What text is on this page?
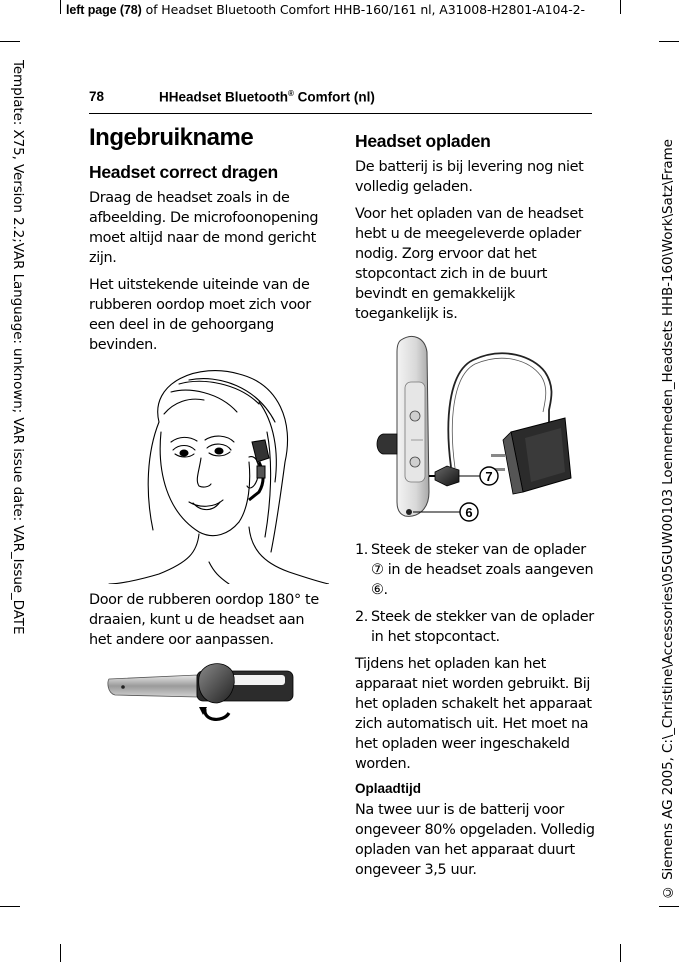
left page (78) of Headset Bluetooth Comfort HHB-160/161 nl, A31008-H2801-A104-2-
Template: X75, Version 2.2;VAR Language: unknown; VAR issue date: VAR_Issue_DATE	© Siemens AG 2005, C:\_Christine\Accessories\05GUW00103 Loennerheden_Headsets HHB-160\Work\Satz\Frame
78	HHeadset Bluetooth® Comfort (nl)
Ingebruikname
Headset correct dragen

Draag de headset zoals in de afbeelding. De microfoonopening moet altijd naar de mond gericht zijn.

Het uitstekende uiteinde van de rubberen oordop moet zich voor een deel in de gehoorgang bevinden.

Door de rubberen oordop 180° te draaien, kunt u de headset aan het andere oor aanpassen.

Headset opladen

De batterij is bij levering nog niet volledig geladen.

Voor het opladen van de headset hebt u de meegeleverde oplader nodig. Zorg ervoor dat het stopcontact zich in de buurt bevindt en gemakkelijk toegankelijk is.

7
6
1. Steek de steker van de oplader ⑦ in de headset zoals aangeven ⑥.
2. Steek de stekker van de oplader in het stopcontact.

Tijdens het opladen kan het apparaat niet worden gebruikt. Bij het opladen schakelt het apparaat zich automatisch uit. Het moet na het opladen weer ingeschakeld worden.

Oplaadtijd

Na twee uur is de batterij voor ongeveer 80% opgeladen. Volledig opladen van het apparaat duurt ongeveer 3,5 uur.
